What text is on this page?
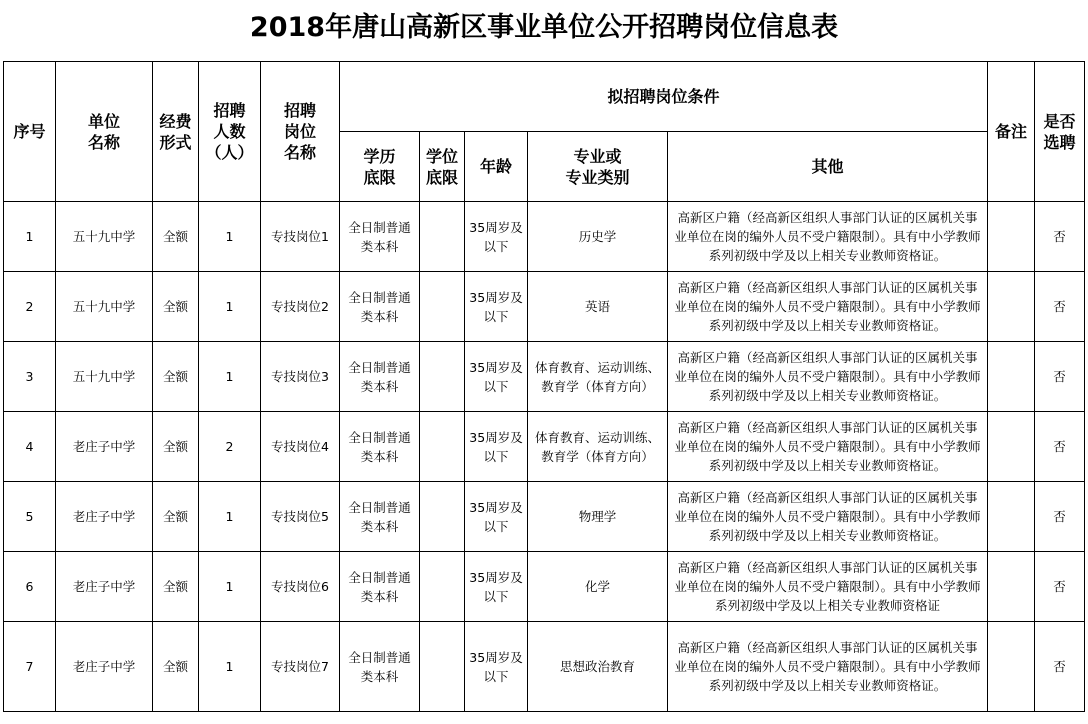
2018年唐山高新区事业单位公开招聘岗位信息表
序号	单位
名称	经费
形式	招聘
人数
（人）	招聘
岗位
名称	拟招聘岗位条件					备注	是否
选聘

					学历
底限	学位
底限	年龄	专业或
专业类别	其他		
1	五十九中学	全额	1	专技岗位1	全日制普通
类本科		35周岁及
以下	历史学	高新区户籍（经高新区组织人事部门认证的区属机关事业单位在岗的编外人员不受户籍限制）。具有中小学教师系列初级中学及以上相关专业教师资格证。		否
2	五十九中学	全额	1	专技岗位2	全日制普通
类本科		35周岁及
以下	英语	高新区户籍（经高新区组织人事部门认证的区属机关事业单位在岗的编外人员不受户籍限制）。具有中小学教师系列初级中学及以上相关专业教师资格证。		否
3	五十九中学	全额	1	专技岗位3	全日制普通
类本科		35周岁及
以下	体育教育、运动训练、
教育学（体育方向）	高新区户籍（经高新区组织人事部门认证的区属机关事业单位在岗的编外人员不受户籍限制）。具有中小学教师系列初级中学及以上相关专业教师资格证。		否
4	老庄子中学	全额	2	专技岗位4	全日制普通
类本科		35周岁及
以下	体育教育、运动训练、
教育学（体育方向）	高新区户籍（经高新区组织人事部门认证的区属机关事业单位在岗的编外人员不受户籍限制）。具有中小学教师系列初级中学及以上相关专业教师资格证。		否
5	老庄子中学	全额	1	专技岗位5	全日制普通
类本科		35周岁及
以下	物理学	高新区户籍（经高新区组织人事部门认证的区属机关事业单位在岗的编外人员不受户籍限制）。具有中小学教师系列初级中学及以上相关专业教师资格证。		否
6	老庄子中学	全额	1	专技岗位6	全日制普通
类本科		35周岁及
以下	化学	高新区户籍（经高新区组织人事部门认证的区属机关事业单位在岗的编外人员不受户籍限制）。具有中小学教师系列初级中学及以上相关专业教师资格证		否
7	老庄子中学	全额	1	专技岗位7	全日制普通
类本科		35周岁及
以下	思想政治教育	高新区户籍（经高新区组织人事部门认证的区属机关事业单位在岗的编外人员不受户籍限制）。具有中小学教师系列初级中学及以上相关专业教师资格证。		否
